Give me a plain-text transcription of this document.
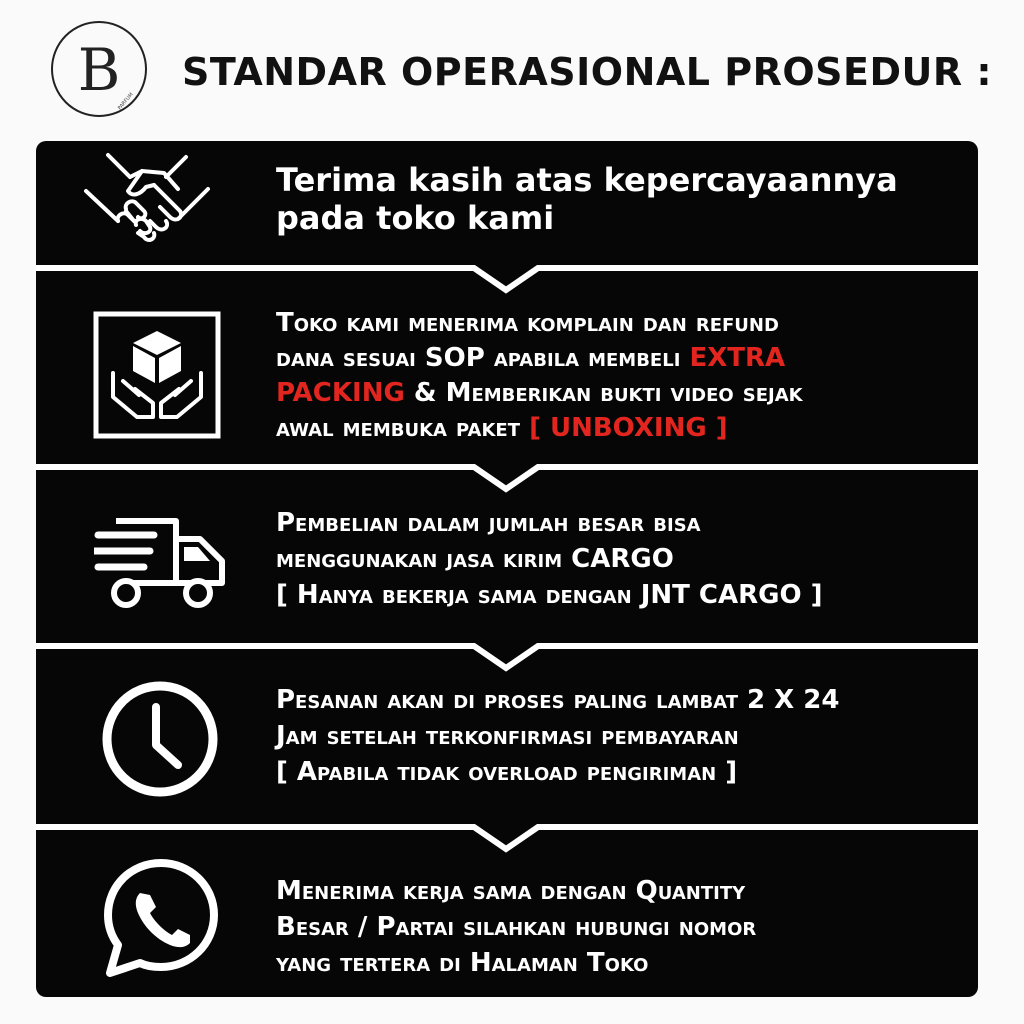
B
PARFUM
STANDAR OPERASIONAL PROSEDUR :
Terima kasih atas kepercayaannya
pada toko kami
Toko kami menerima komplain dan refund
dana sesuai SOP apabila membeli EXTRA
PACKING & Memberikan bukti video sejak
awal membuka paket [ UNBOXING ]
Pembelian dalam jumlah besar bisa
menggunakan jasa kirim CARGO
[ Hanya bekerja sama dengan JNT CARGO ]
Pesanan akan di proses paling lambat 2 X 24
Jam setelah terkonfirmasi pembayaran
[ Apabila tidak overload pengiriman ]
Menerima kerja sama dengan Quantity
Besar / Partai silahkan hubungi nomor
yang tertera di Halaman Toko
